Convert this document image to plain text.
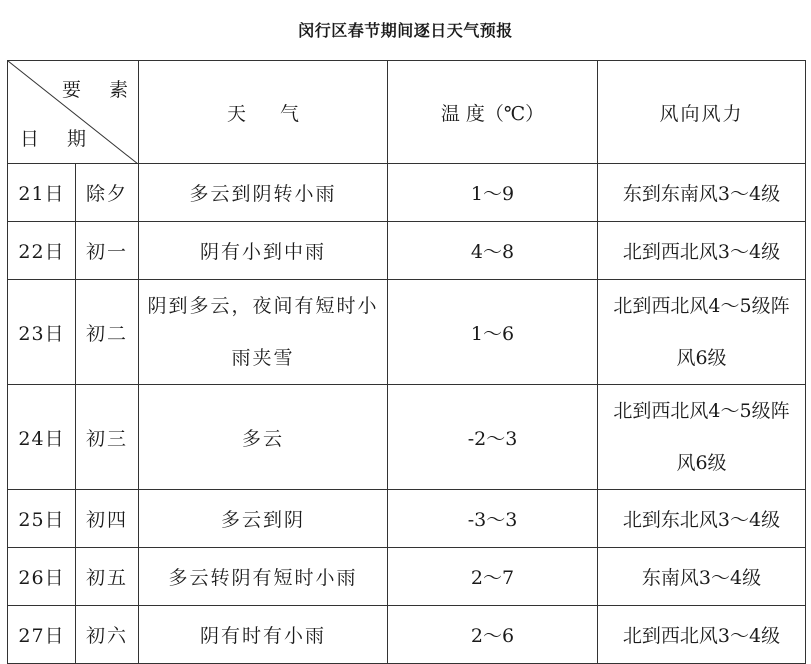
闵行区春节期间逐日天气预报
要 素
日 期		天 气	温 度（℃）	风向风力
21日	除夕	多云到阴转小雨	1～9	东到东南风3～4级
22日	初一	阴有小到中雨	4～8	北到西北风3～4级
23日	初二	阴到多云，夜间有短时小雨夹雪	1～6	北到西北风4～5级阵风6级

24日	初三	多云	-2～3	北到西北风4～5级阵风6级

25日	初四	多云到阴	-3～3	北到东北风3～4级
26日	初五	多云转阴有短时小雨	2～7	东南风3～4级
27日	初六	阴有时有小雨	2～6	北到西北风3～4级
